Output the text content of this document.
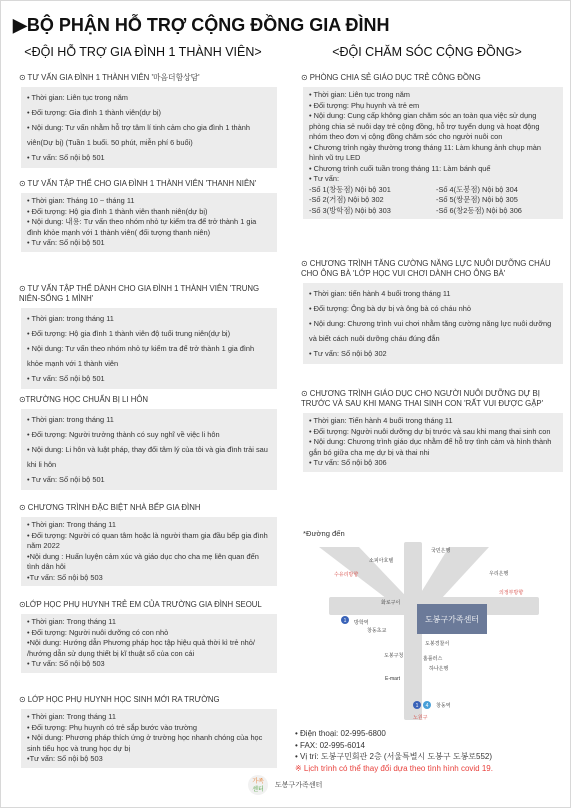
▶BỘ PHẬN HỖ TRỢ CỘNG ĐỒNG GIA ĐÌNH
<ĐỘI HỖ TRỢ GIA ĐÌNH 1 THÀNH VIÊN>
⊙ TƯ VẤN GIA ĐÌNH 1 THÀNH VIÊN '마음더함상담'
• Thời gian: Liên tục trong năm
• Đối tượng: Gia đình 1 thành viên(dự bị)
• Nội dung: Tư vấn nhằm hỗ trợ tâm lí tinh cảm cho gia đình 1 thành viên(Dự bị) (Tuần 1 buổi. 50 phút, miễn phí 6 buổi)
• Tư vấn: Số nội bộ 501
⊙ TƯ VẤN TẬP THỂ CHO GIA ĐÌNH 1 THÀNH VIÊN 'THANH NIÊN'
• Thời gian: Tháng 10 ~ tháng 11
• Đối tượng: Hộ gia đình 1 thành viên thanh niên(dự bị)
• Nội dung: 내용: Tư vấn theo nhóm nhỏ tự kiểm tra để trở thành 1 gia đình khỏe mạnh với 1 thành viên( đối tượng thanh niên)
• Tư vấn: Số nội bộ 501
⊙ TƯ VẤN TẬP THỂ DÀNH CHO GIA ĐÌNH 1 THÀNH VIÊN 'TRUNG NIÊN-SỐNG 1 MÌNH'
• Thời gian: trong tháng 11
• Đối tượng: Hộ gia đình 1 thành viên độ tuổi trung niên(dự bị)
• Nội dung: Tư vấn theo nhóm nhỏ tự kiểm tra để trở thành 1 gia đình khỏe mạnh với 1 thành viên
• Tư vấn: Số nội bộ 501
⊙TRƯỜNG HỌC CHUẨN BỊ LI HÔN
• Thời gian: trong tháng 11
• Đối tượng: Người trưởng thành có suy nghĩ về việc li hôn
• Nội dung: Li hôn và luật pháp, thay đổi tâm lý của tôi và gia đình trải sau khi li hôn
• Tư vấn: Số nội bộ 501
⊙ CHƯƠNG TRÌNH ĐẶC BIỆT NHÀ BẾP GIA ĐÌNH
• Thời gian: Trong tháng 11
• Đối tượng: Người có quan tâm hoặc là người tham gia đầu bếp gia đình năm 2022
•Nội dung : Huấn luyện cảm xúc và giáo dục cho cha mẹ liên quan đến tình dân hôi
•Tư vấn: Số nội bộ 503
⊙LỚP HỌC PHỤ HUYNH TRẺ EM CỦA TRƯỜNG GIA ĐÌNH SEOUL
• Thời gian: Trong tháng 11
• Đối tượng: Người nuôi dưỡng có con nhỏ
•Nội dung: Hướng dẫn Phương pháp học tập hiệu quả thời kì trẻ nhỏ/ /hướng dẫn sử dụng thiết bị kĩ thuật số của con cái
• Tư vấn: Số nội bộ 503
⊙ LỚP HỌC PHỤ HUYNH HỌC SINH MỚI RA TRƯỜNG
• Thời gian: Trong tháng 11
• Đối tượng: Phụ huynh có trẻ sắp bước vào trường
• Nội dung: Phương pháp thích ứng ở trường học nhanh chóng của học sinh tiểu học và trung học dự bị
•Tư vấn: Số nội bộ 503
<ĐỘI CHĂM SÓC CỘNG ĐỒNG>
⊙ PHÒNG CHIA SẺ GIÁO DỤC TRẺ CÔNG ĐỒNG
• Thời gian: Liên tục trong năm
• Đối tượng: Phụ huynh và trẻ em
• Nội dung: Cung cấp không gian chăm sóc an toàn qua việc sử dụng phòng chia sẻ nuôi dạy trẻ cộng đồng, hỗ trợ tuyển dụng và hoạt động nhóm theo đơn vị cộng đồng chăm sóc cho người nuôi con
• Chương trình ngày thường trong tháng 11: Làm khung ảnh chụp màn hình vũ trụ LED
• Chương trình cuối tuần trong tháng 11: Làm bánh quế
• Tư vấn:
-Số 1(창동점) Nội bộ 301	-Số 4(도봉점) Nội bộ 304
-Số 2(거점) Nội bộ 302	-Số 5(쌍문점) Nội bộ 305
-Số 3(방학점) Nội bộ 303	-Số 6(창2동점) Nội bộ 306
⊙ CHƯƠNG TRÌNH TĂNG CƯỜNG NĂNG LỰC NUÔI DƯỠNG CHÁU CHO ÔNG BÀ 'LỚP HỌC VUI CHƠI DÀNH CHO ÔNG BÀ'
• Thời gian: tiến hành 4 buổi trong tháng 11
• Đối tượng: Ông bà dự bị và ông bà có cháu nhỏ
• Nội dung: Chương trình vui chơi nhằm tăng cường năng lực nuôi dưỡng và biết cách nuôi dưỡng cháu đúng đắn
• Tư vấn: Số nội bộ 302
⊙ CHƯƠNG TRÌNH GIÁO DỤC CHO NGƯỜI NUÔI DƯỠNG DỰ BỊ TRƯỚC VÀ SAU KHI MANG THAI SINH CON 'RẤT VUI ĐƯỢC GẶP'
• Thời gian: Tiến hành 4 buổi trong tháng 11
• Đối tượng: Người nuôi dưỡng dự bị trước và sau khi mang thai sinh con
• Nội dung: Chương trình giáo dục nhằm để hỗ trợ tình cảm và hình thành gắn bó giữa cha mẹ dự bị và thai nhi
• Tư vấn: Số nội bộ 306
*Đường đến
도봉구가족센터
국민은행
소피아호텔
수유리방향	우리은행
의정부방향
화로구이
창동초교
도봉경찰서
홈플러스
도봉구청
창동역
노원구
E-mart
방학역
하나은행
1
1 4
• Điện thoại: 02-995-6800
• FAX: 02-995-6014
• Vị trí: 도봉구민회관 2층 (서울특별시 도봉구 도봉로552)
※ Lịch trình có thể thay đổi dựa theo tình hình covid 19.
가족
센터
도봉구가족센터
